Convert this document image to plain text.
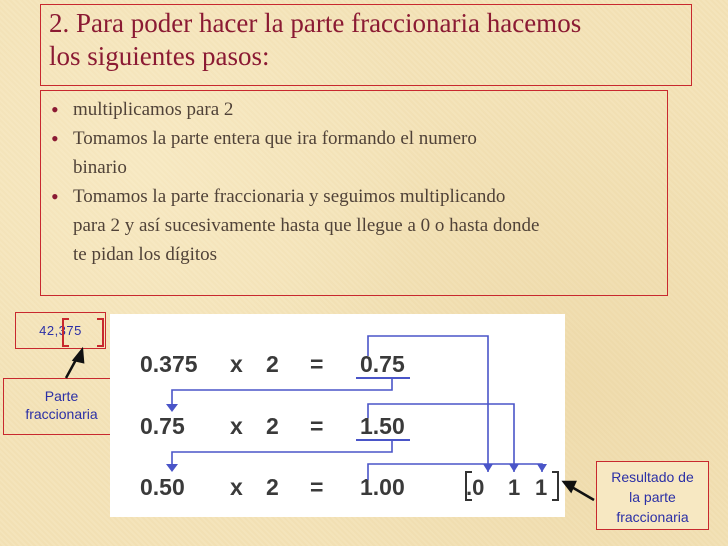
2. Para poder hacer la parte fraccionaria hacemos
los siguientes pasos:
• multiplicamos para 2
• Tomamos la parte entera que ira formando el numero
binario
• Tomamos la parte fraccionaria y seguimos multiplicando
para 2 y así sucesivamente hasta que llegue a 0 o hasta donde
te pidan los dígitos
42,375
Parte
fraccionaria
0.375 x 2 = 0.75
0.75 x 2 = 1.50
0.50 x 2 = 1.00	.0 1 1	Resultado de
la parte
fraccionaria
